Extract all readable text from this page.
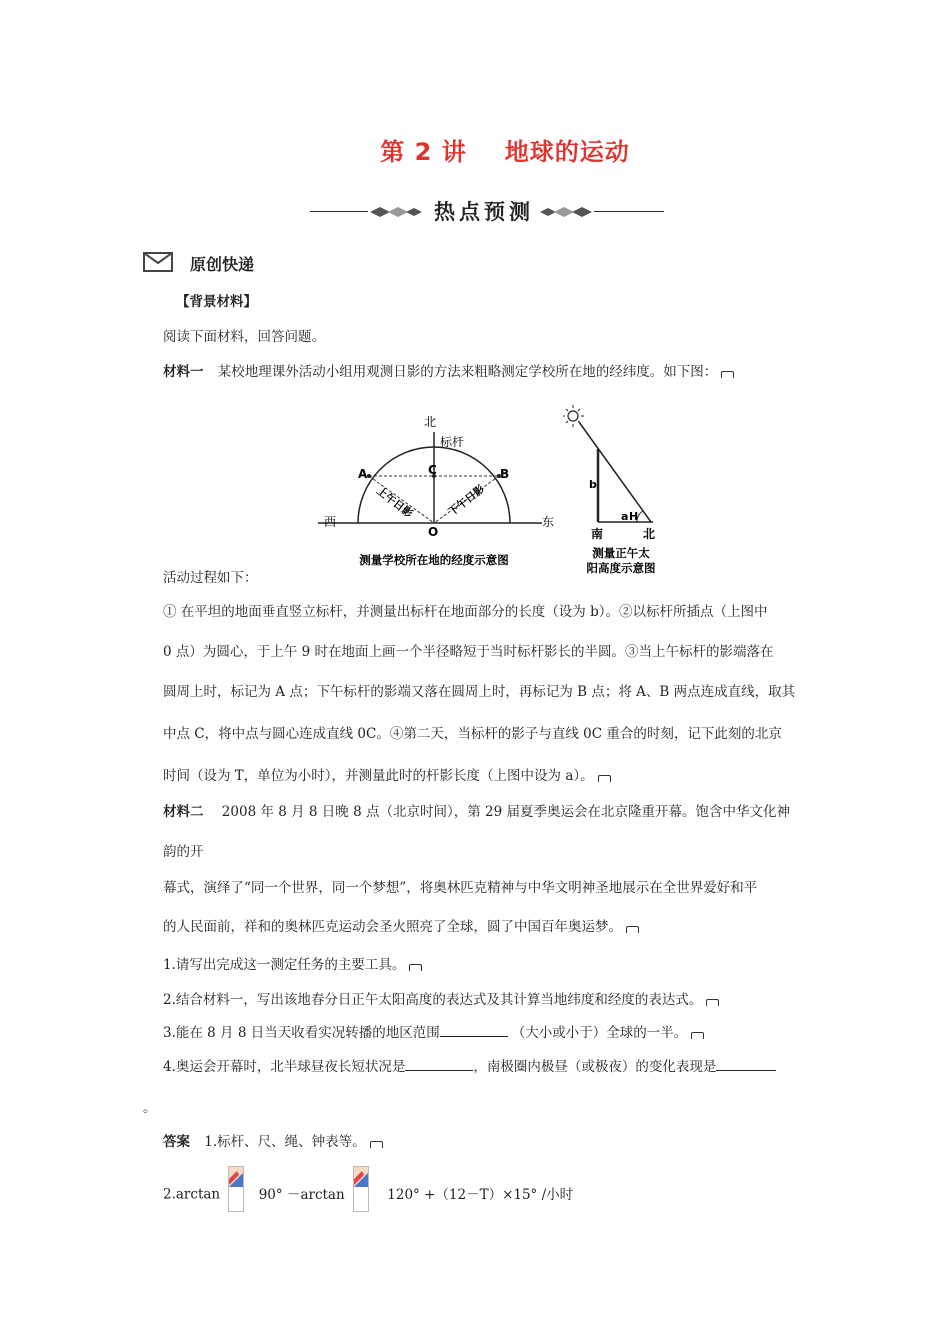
第 2 讲 地球的运动
热点预测
原创快递
【背景材料】
阅读下面材料，回答问题。
材料一 某校地理课外活动小组用观测日影的方法来粗略测定学校所在地的经纬度。如下图：
北
标杆
C
A	B
西	东
O
上午日影	下午日影
测量学校所在地的经度示意图
b
a H
南	北
测量正午太
阳高度示意图
活动过程如下：
① 在平坦的地面垂直竖立标杆，并测量出标杆在地面部分的长度（设为 b）。②以标杆所插点（上图中
0 点）为圆心，于上午 9 时在地面上画一个半径略短于当时标杆影长的半圆。③当上午标杆的影端落在
圆周上时，标记为 A 点；下午标杆的影端又落在圆周上时，再标记为 B 点；将 A、B 两点连成直线，取其
中点 C，将中点与圆心连成直线 0C。④第二天，当标杆的影子与直线 0C 重合的时刻，记下此刻的北京
时间（设为 T，单位为小时），并测量此时的杆影长度（上图中设为 a）。
材料二 2008 年 8 月 8 日晚 8 点（北京时间），第 29 届夏季奥运会在北京隆重开幕。饱含中华文化神
韵的开
幕式，演绎了“同一个世界，同一个梦想”，将奥林匹克精神与中华文明神圣地展示在全世界爱好和平
的人民面前，祥和的奥林匹克运动会圣火照亮了全球，圆了中国百年奥运梦。
1.请写出完成这一测定任务的主要工具。
2.结合材料一，写出该地春分日正午太阳高度的表达式及其计算当地纬度和经度的表达式。
3.能在 8 月 8 日当天收看实况转播的地区范围	（大小或小于）全球的一半。
4.奥运会开幕时，北半球昼夜长短状况是	，南极圈内极昼（或极夜）的变化表现是
。
答案 1.标杆、尺、绳、钟表等。
2.arctan	90° －arctan	120° +（12－T）×15° /小时
